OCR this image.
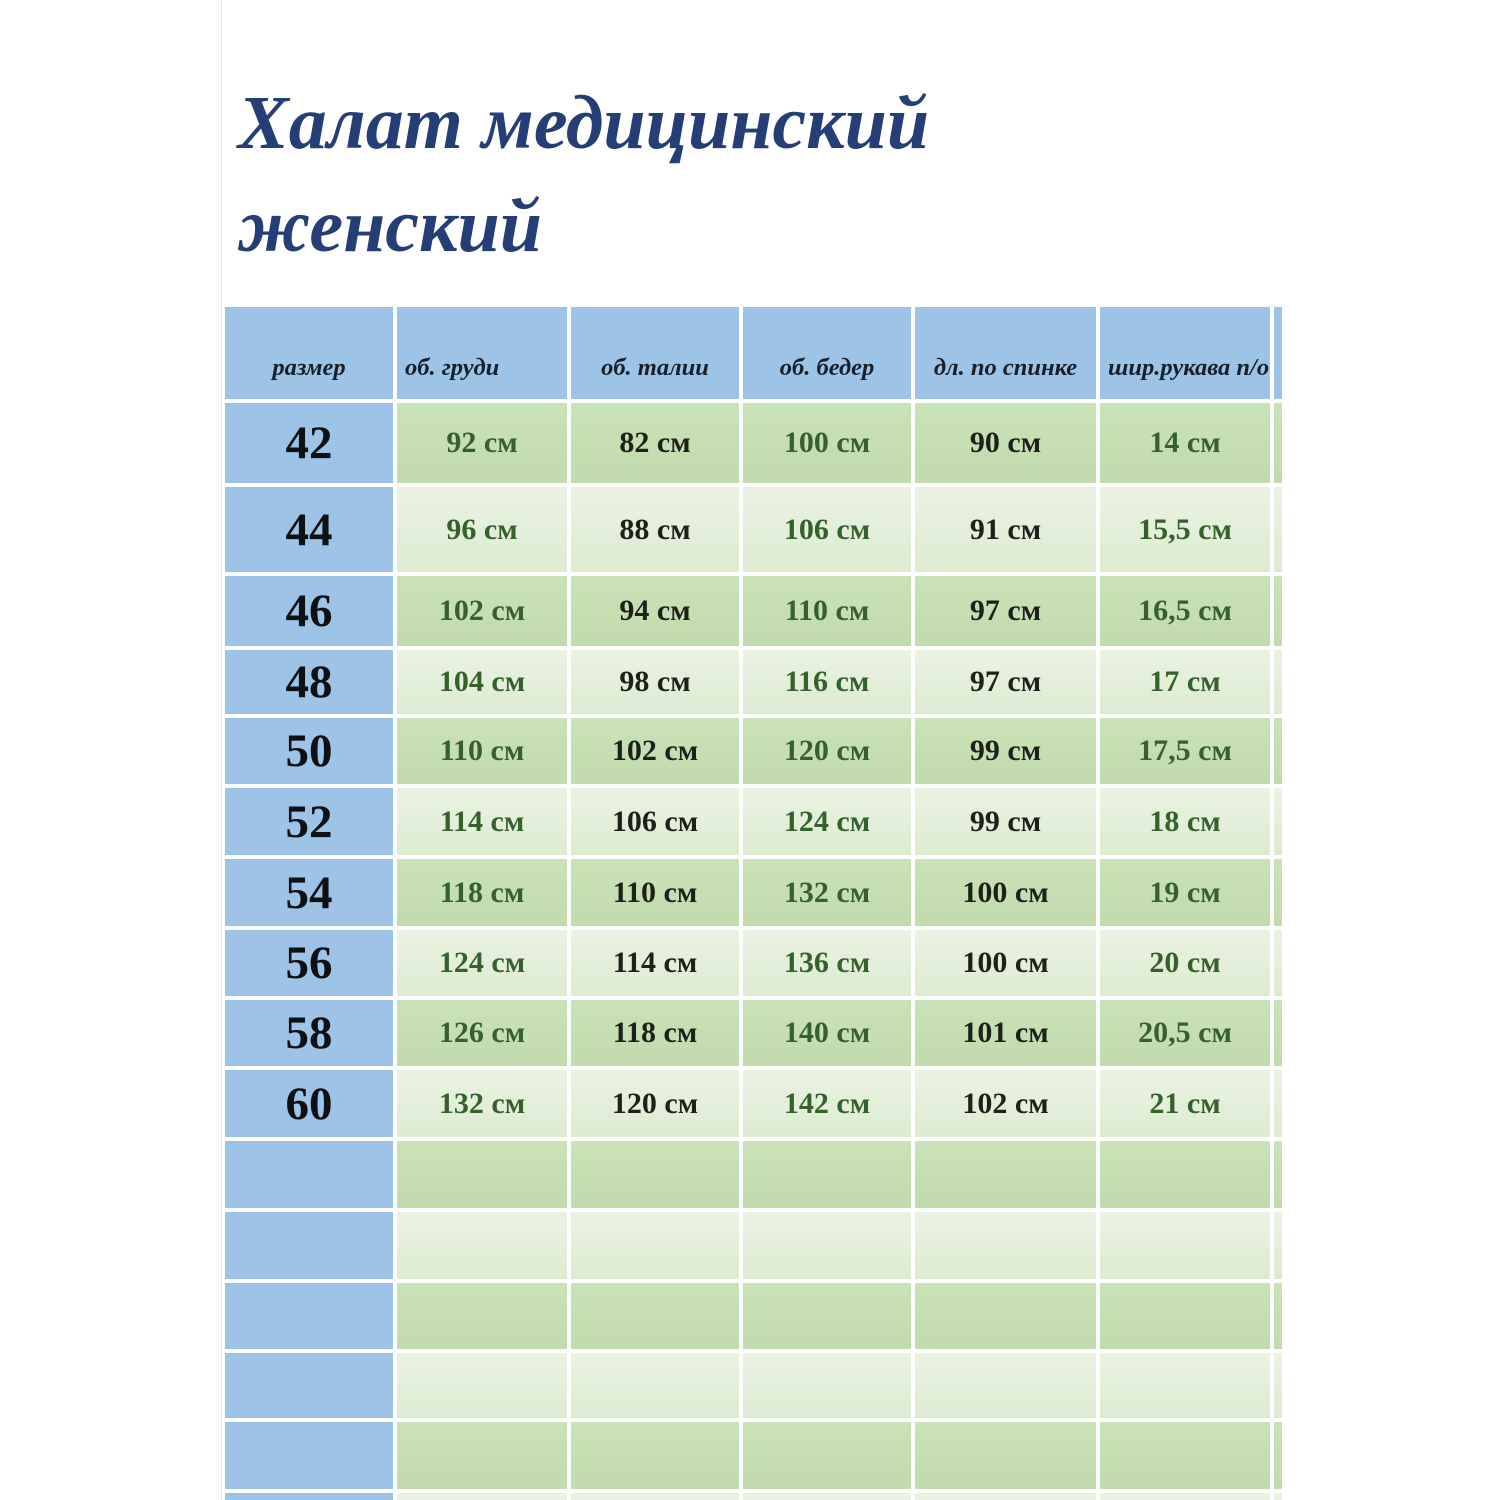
Халат медицинский
женский
размер	об. груди	об. талии	об. бедер	дл. по спинке	шир.рукава п/о
42	92 см	82 см	100 см	90 см	14 см
44	96 см	88 см	106 см	91 см	15,5 см
46	102 см	94 см	110 см	97 см	16,5 см
48	104 см	98 см	116 см	97 см	17 см
50	110 см	102 см	120 см	99 см	17,5 см
52	114 см	106 см	124 см	99 см	18 см
54	118 см	110 см	132 см	100 см	19 см
56	124 см	114 см	136 см	100 см	20 см
58	126 см	118 см	140 см	101 см	20,5 см
60	132 см	120 см	142 см	102 см	21 см
